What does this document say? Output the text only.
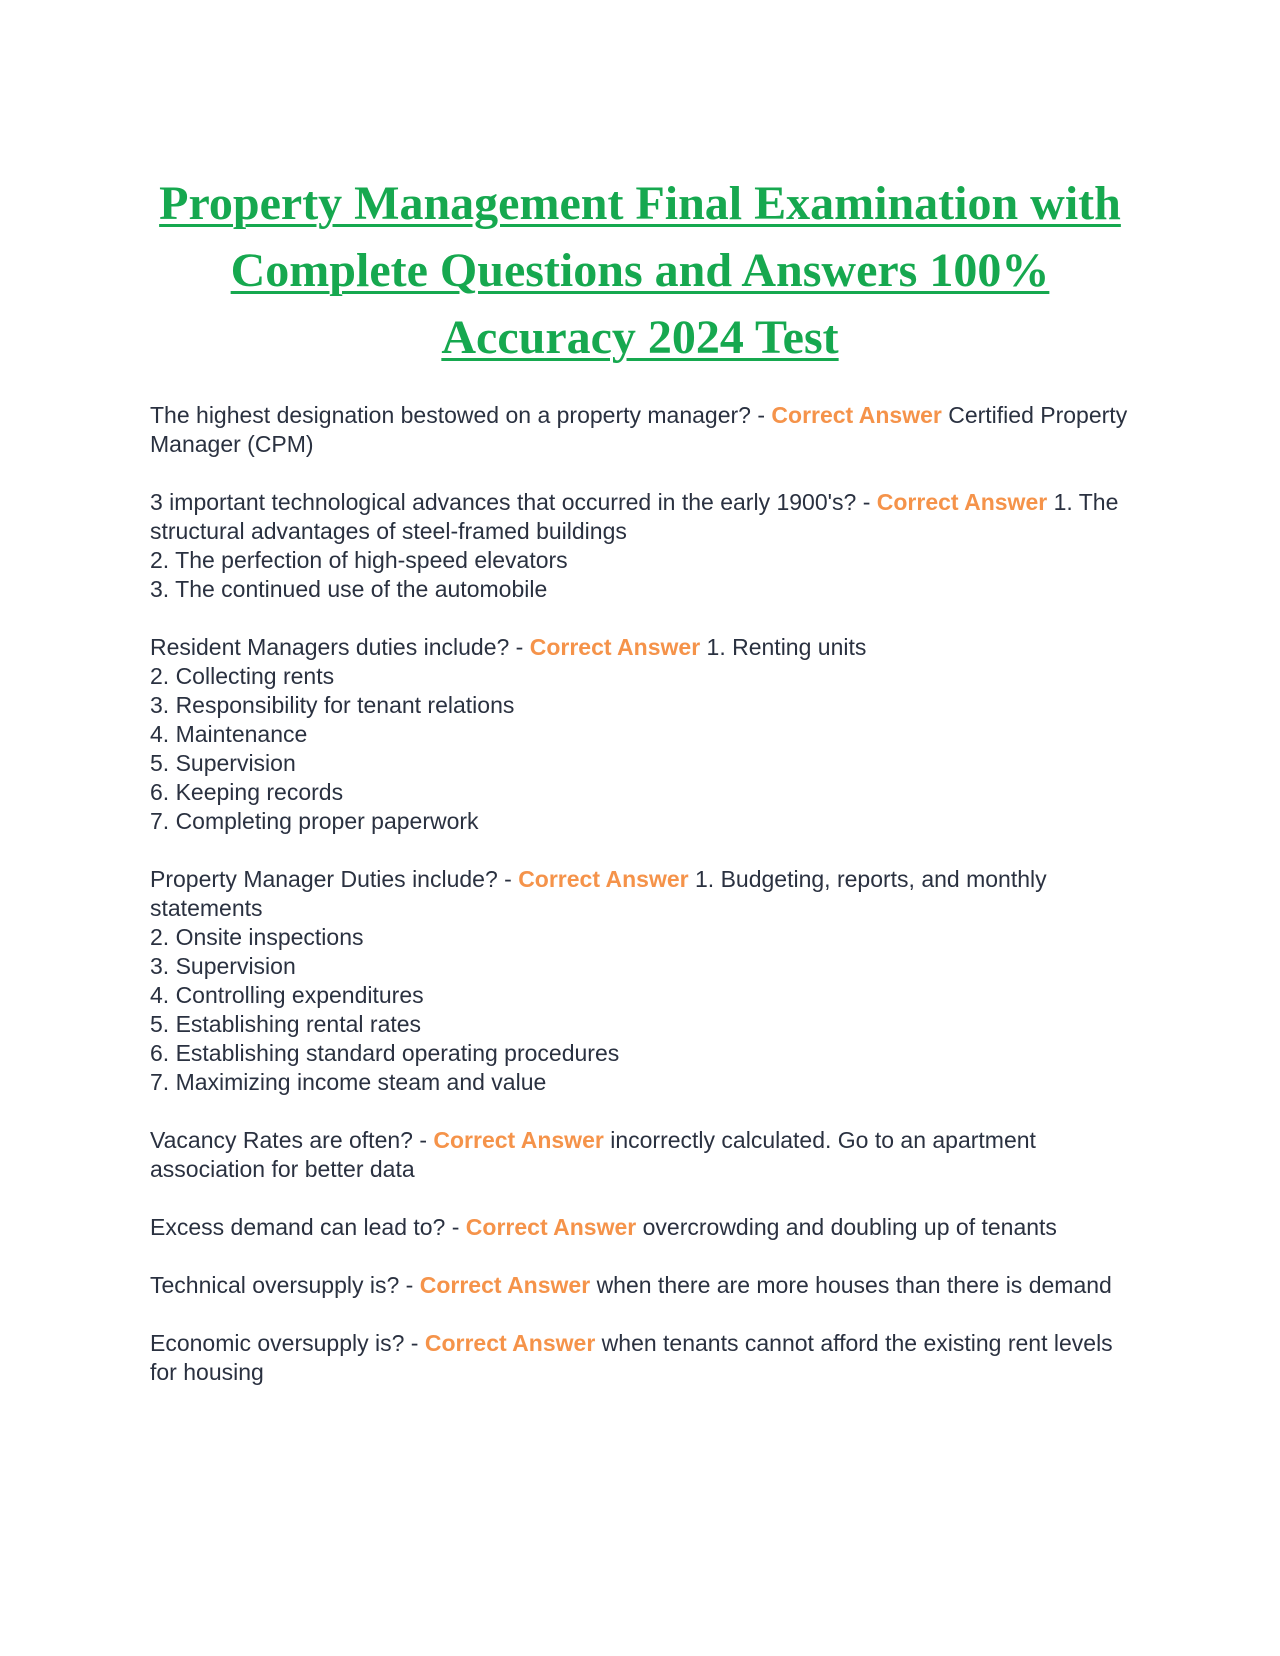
Property Management Final Examination with Complete Questions and Answers 100% Accuracy 2024 Test
The highest designation bestowed on a property manager? - Correct Answer Certified Property Manager (CPM)
3 important technological advances that occurred in the early 1900's? - Correct Answer 1. The structural advantages of steel-framed buildings
2. The perfection of high-speed elevators
3. The continued use of the automobile
Resident Managers duties include? - Correct Answer 1. Renting units
2. Collecting rents
3. Responsibility for tenant relations
4. Maintenance
5. Supervision
6. Keeping records
7. Completing proper paperwork
Property Manager Duties include? - Correct Answer 1. Budgeting, reports, and monthly statements
2. Onsite inspections
3. Supervision
4. Controlling expenditures
5. Establishing rental rates
6. Establishing standard operating procedures
7. Maximizing income steam and value
Vacancy Rates are often? - Correct Answer incorrectly calculated. Go to an apartment association for better data
Excess demand can lead to? - Correct Answer overcrowding and doubling up of tenants
Technical oversupply is? - Correct Answer when there are more houses than there is demand
Economic oversupply is? - Correct Answer when tenants cannot afford the existing rent levels for housing
